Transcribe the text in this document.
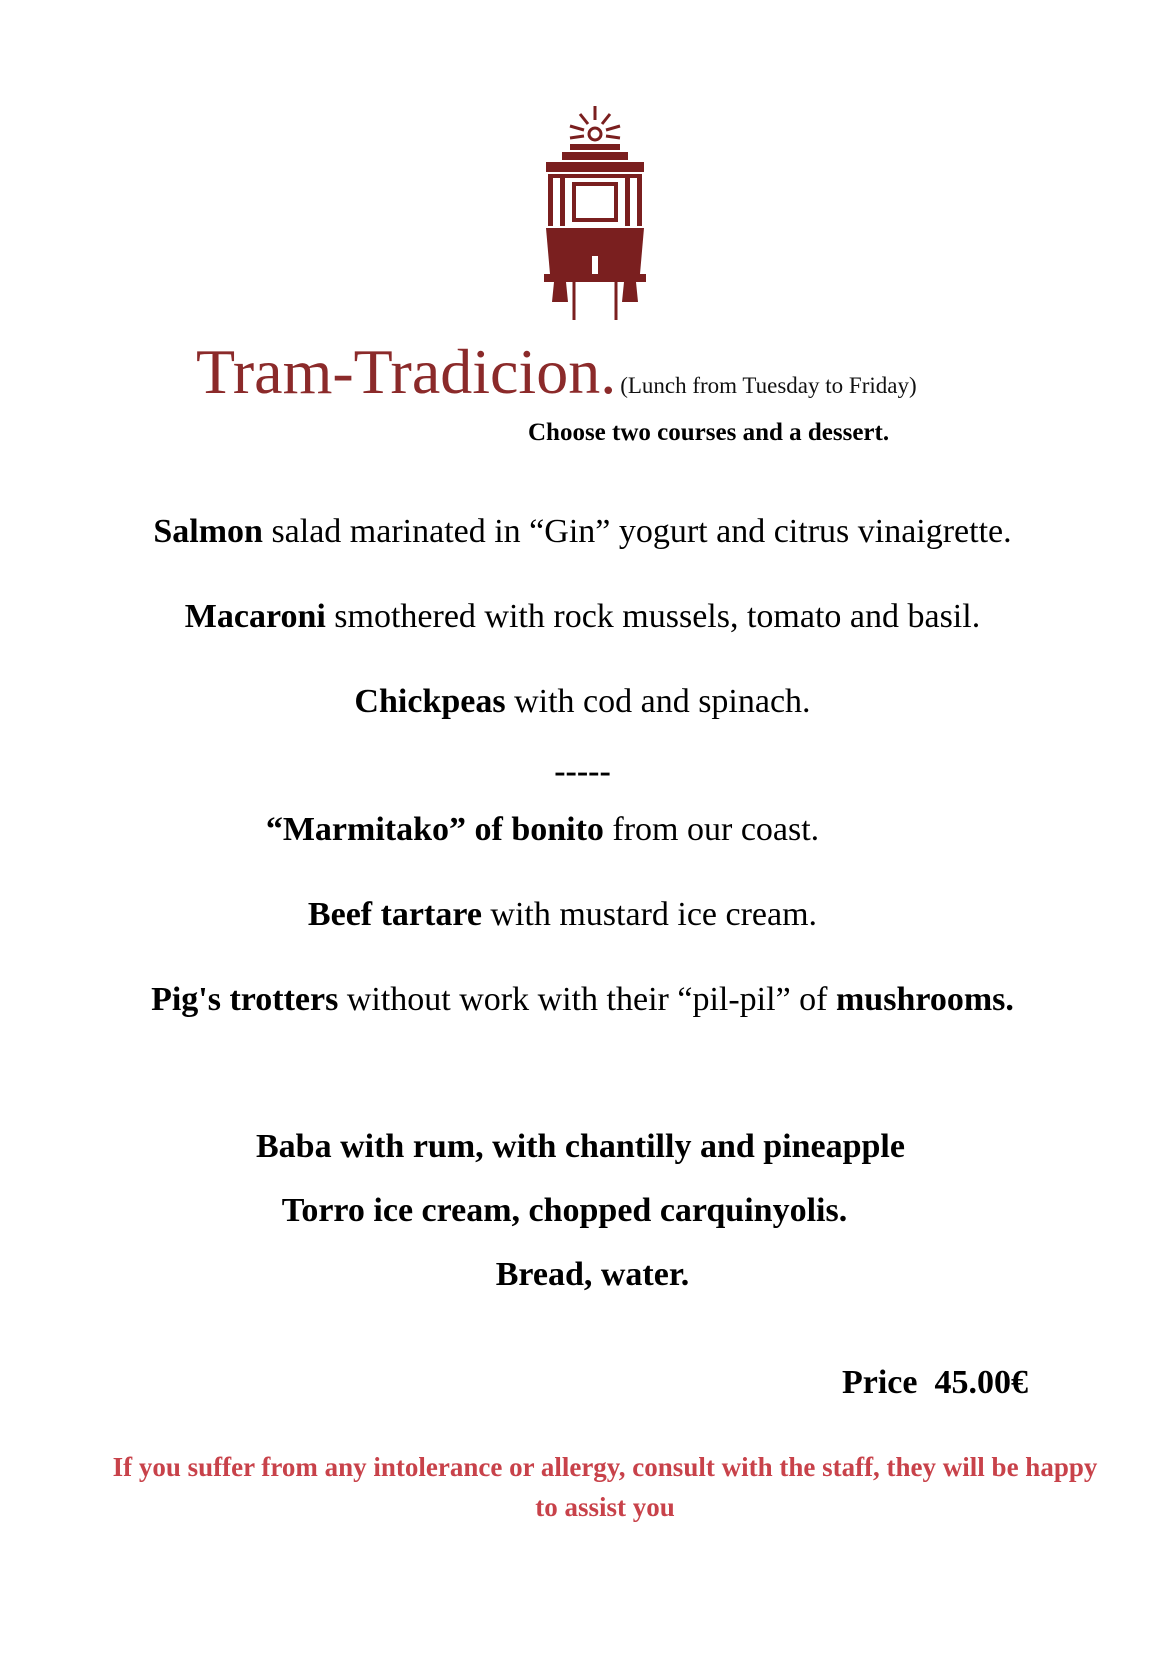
Tram-Tradicion. (Lunch from Tuesday to Friday)
Choose two courses and a dessert.
Salmon salad marinated in “Gin” yogurt and citrus vinaigrette.
Macaroni smothered with rock mussels, tomato and basil.
Chickpeas with cod and spinach.
-----
“Marmitako” of bonito from our coast.
Beef tartare with mustard ice cream.
Pig's trotters without work with their “pil-pil” of mushrooms.
Baba with rum, with chantilly and pineapple
Torro ice cream, chopped carquinyolis.
Bread, water.
Price  45.00€
If you suffer from any intolerance or allergy, consult with the staff, they will be happy to assist you
